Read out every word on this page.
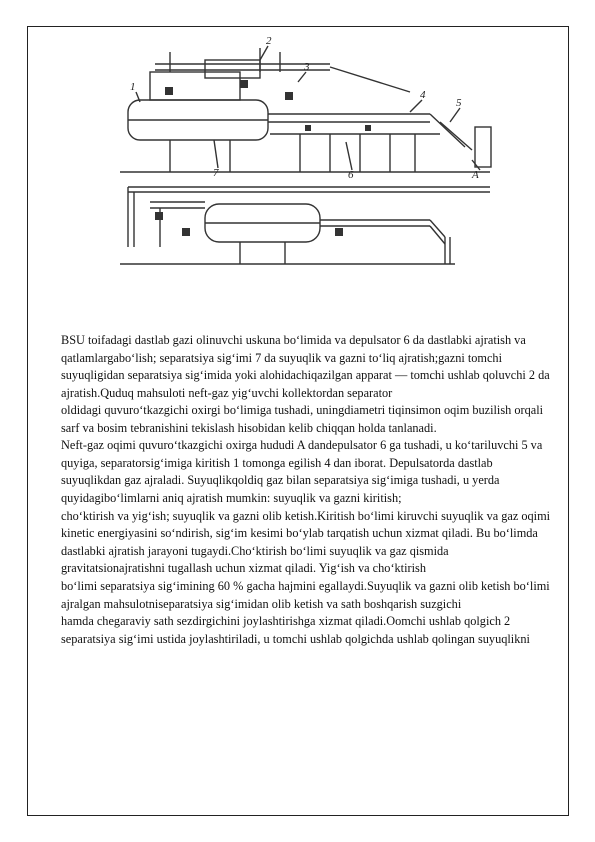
1
2
3
4
5
6
7	A

BSU toifadagi dastlab gazi olinuvchi uskuna bo‘limida va depulsator 6 da dastlabki ajratish va qatlamlargabo‘lish; separatsiya sig‘imi 7 da suyuqlik va gazni to‘liq ajratish;gazni tomchi suyuqligidan separatsiya sig‘imida yoki alohidachiqazilgan apparat — tomchi ushlab qoluvchi 2 da ajratish.Quduq mahsuloti neft-gaz yig‘uvchi kollektordan separator

oldidagi quvuro‘tkazgichi oxirgi bo‘limiga tushadi, uningdiametri tiqinsimon oqim buzilish orqali sarf va bosim tebranishini tekislash hisobidan kelib chiqqan holda tanlanadi.
Neft-gaz oqimi quvuro‘tkazgichi oxirga hududi A dandepulsator 6 ga tushadi, u ko‘tariluvchi 5 va quyiga, separatorsig‘imiga kiritish 1 tomonga egilish 4 dan iborat. Depulsatorda dastlab suyuqlikdan gaz ajraladi. Suyuqlikqoldiq gaz bilan separatsiya sig‘imiga tushadi, u yerda quyidagibo‘limlarni aniq ajratish mumkin: suyuqlik va gazni kiritish;
cho‘ktirish va yig‘ish; suyuqlik va gazni olib ketish.Kiritish bo‘limi kiruvchi suyuqlik va gaz oqimi kinetic energiyasini so‘ndirish, sig‘im kesimi bo‘ylab tarqatish uchun xizmat qiladi. Bu bo‘limda dastlabki ajratish jarayoni tugaydi.Cho‘ktirish bo‘limi suyuqlik va gaz qismida gravitatsionajratishni tugallash uchun xizmat qiladi. Yig‘ish va cho‘ktirish
bo‘limi separatsiya sig‘imining 60 % gacha hajmini egallaydi.Suyuqlik va gazni olib ketish bo‘limi ajralgan mahsulotniseparatsiya sig‘imidan olib ketish va sath boshqarish suzgichi
hamda chegaraviy sath sezdirgichini joylashtirishga xizmat qiladi.Oomchi ushlab qolgich 2 separatsiya sig‘imi ustida joylashtiriladi, u tomchi ushlab qolgichda ushlab qolingan suyuqlikni
